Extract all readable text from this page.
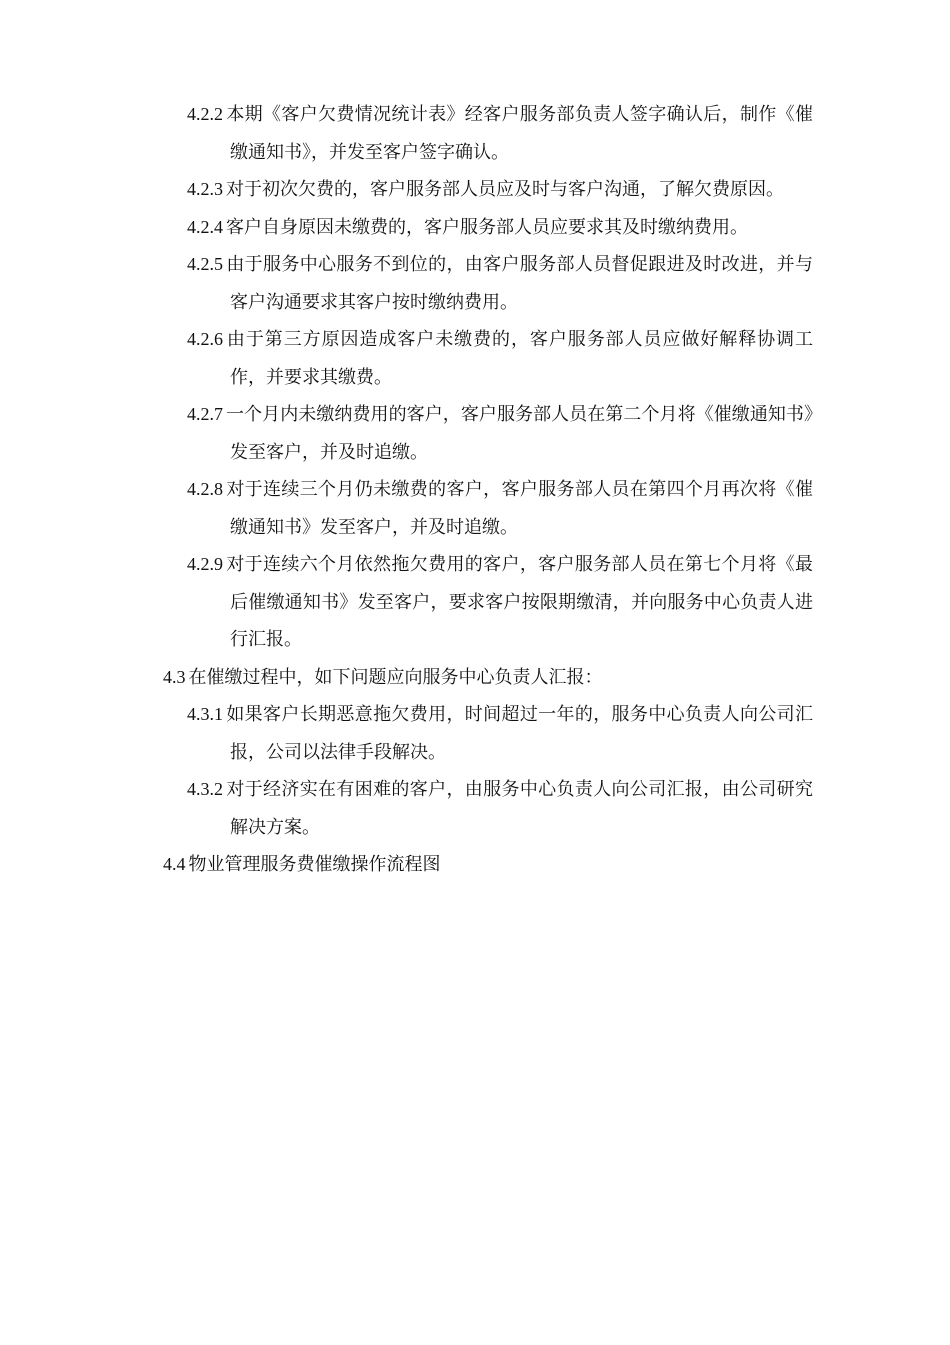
4.2.2 本期《客户欠费情况统计表》经客户服务部负责人签字确认后，制作《催缴通知书》，并发至客户签字确认。

4.2.3 对于初次欠费的，客户服务部人员应及时与客户沟通，了解欠费原因。

4.2.4 客户自身原因未缴费的，客户服务部人员应要求其及时缴纳费用。

4.2.5 由于服务中心服务不到位的，由客户服务部人员督促跟进及时改进，并与客户沟通要求其客户按时缴纳费用。

4.2.6 由于第三方原因造成客户未缴费的，客户服务部人员应做好解释协调工作，并要求其缴费。

4.2.7 一个月内未缴纳费用的客户，客户服务部人员在第二个月将《催缴通知书》发至客户，并及时追缴。

4.2.8 对于连续三个月仍未缴费的客户，客户服务部人员在第四个月再次将《催缴通知书》发至客户，并及时追缴。

4.2.9 对于连续六个月依然拖欠费用的客户，客户服务部人员在第七个月将《最后催缴通知书》发至客户，要求客户按限期缴清，并向服务中心负责人进行汇报。

4.3 在催缴过程中，如下问题应向服务中心负责人汇报：

4.3.1 如果客户长期恶意拖欠费用，时间超过一年的，服务中心负责人向公司汇报，公司以法律手段解决。

4.3.2 对于经济实在有困难的客户，由服务中心负责人向公司汇报，由公司研究解决方案。

4.4 物业管理服务费催缴操作流程图
